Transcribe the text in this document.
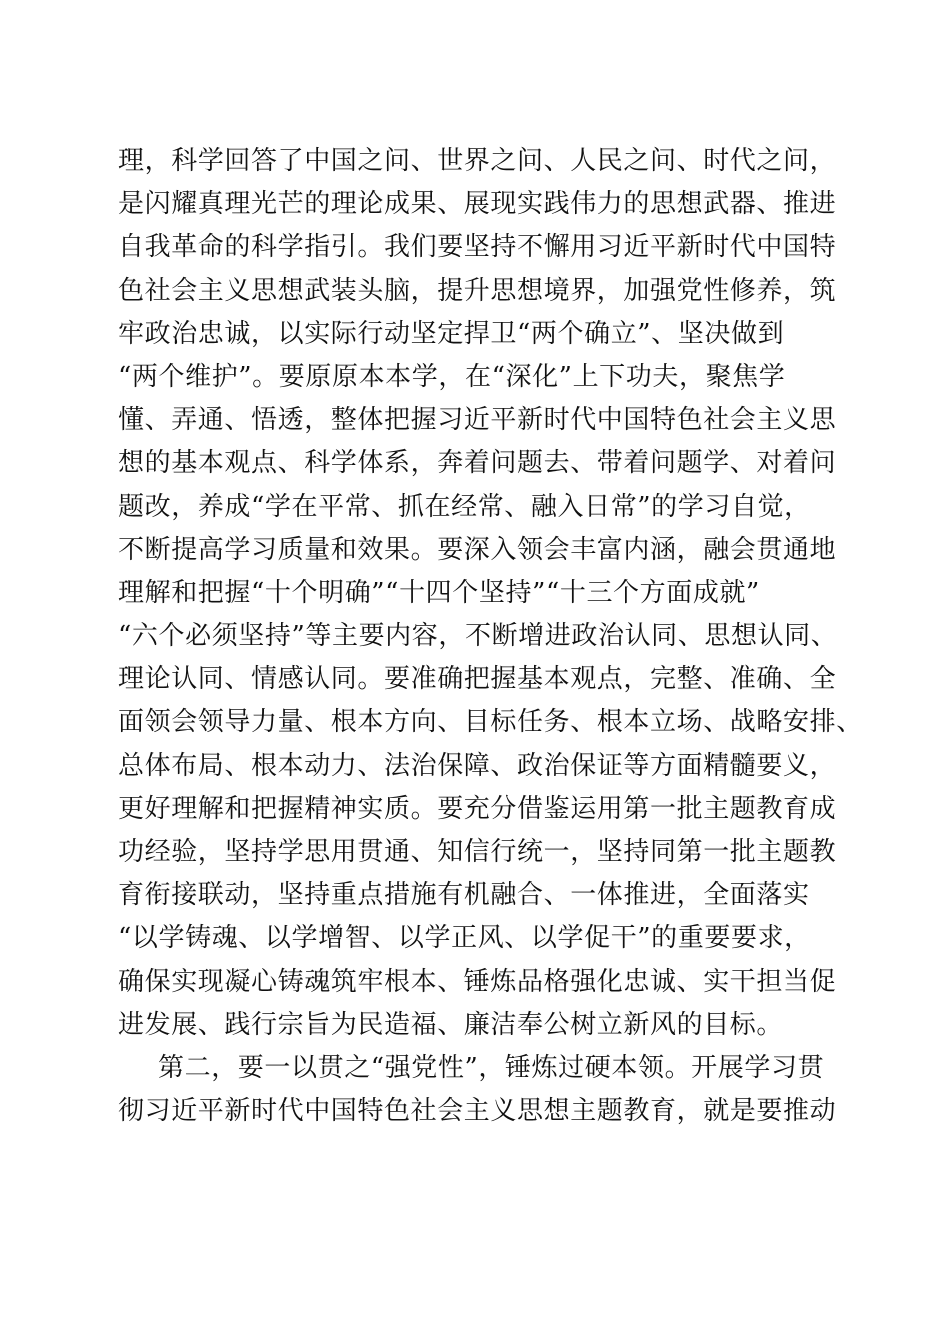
理，科学回答了中国之问、世界之问、人民之问、时代之问，
是闪耀真理光芒的理论成果、展现实践伟力的思想武器、推进
自我革命的科学指引。我们要坚持不懈用习近平新时代中国特
色社会主义思想武装头脑，提升思想境界，加强党性修养，筑
牢政治忠诚，以实际行动坚定捍卫“两个确立”、坚决做到
“两个维护”。要原原本本学，在“深化”上下功夫，聚焦学
懂、弄通、悟透，整体把握习近平新时代中国特色社会主义思
想的基本观点、科学体系，奔着问题去、带着问题学、对着问
题改，养成“学在平常、抓在经常、融入日常”的学习自觉，
不断提高学习质量和效果。要深入领会丰富内涵，融会贯通地
理解和把握“十个明确”“十四个坚持”“十三个方面成就”
“六个必须坚持”等主要内容，不断增进政治认同、思想认同、
理论认同、情感认同。要准确把握基本观点，完整、准确、全
面领会领导力量、根本方向、目标任务、根本立场、战略安排、
总体布局、根本动力、法治保障、政治保证等方面精髓要义，
更好理解和把握精神实质。要充分借鉴运用第一批主题教育成
功经验，坚持学思用贯通、知信行统一，坚持同第一批主题教
育衔接联动，坚持重点措施有机融合、一体推进，全面落实
“以学铸魂、以学增智、以学正风、以学促干”的重要要求，
确保实现凝心铸魂筑牢根本、锤炼品格强化忠诚、实干担当促
进发展、践行宗旨为民造福、廉洁奉公树立新风的目标。
第二，要一以贯之“强党性”，锤炼过硬本领。开展学习贯
彻习近平新时代中国特色社会主义思想主题教育，就是要推动
